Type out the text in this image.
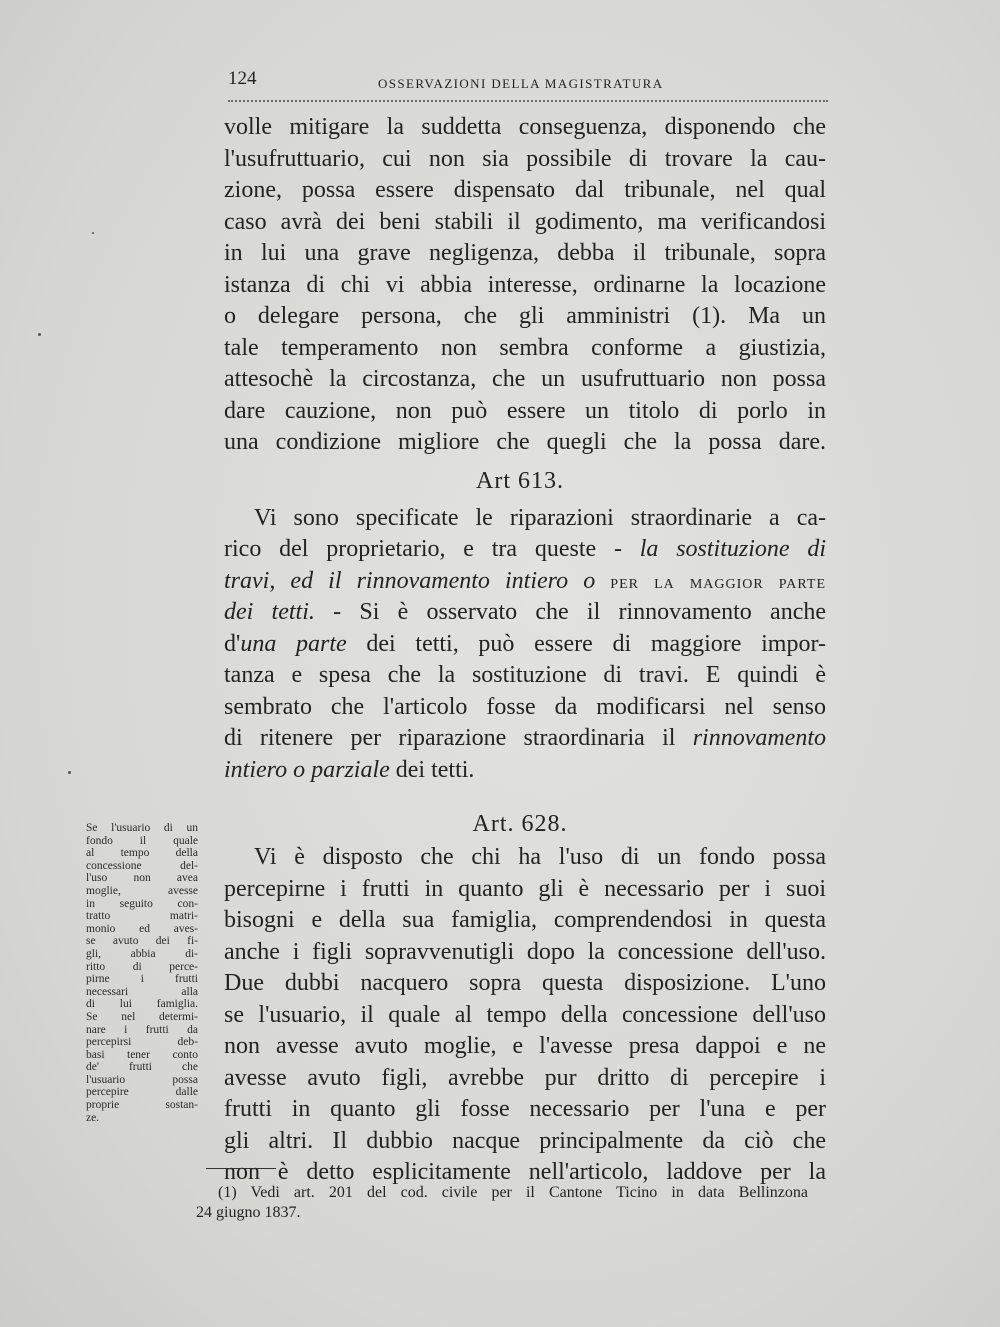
124	OSSERVAZIONI DELLA MAGISTRATURA
volle mitigare la suddetta conseguenza, disponendo che
l'usufruttuario, cui non sia possibile di trovare la cau-
zione, possa essere dispensato dal tribunale, nel qual
caso avrà dei beni stabili il godimento, ma verificandosi
in lui una grave negligenza, debba il tribunale, sopra
istanza di chi vi abbia interesse, ordinarne la locazione
o delegare persona, che gli amministri (1). Ma un
tale temperamento non sembra conforme a giustizia,
attesochè la circostanza, che un usufruttuario non possa
dare cauzione, non può essere un titolo di porlo in
una condizione migliore che quegli che la possa dare.
Art 613.
Vi sono specificate le riparazioni straordinarie a ca-
rico del proprietario, e tra queste - la sostituzione di
travi, ed il rinnovamento intiero o per la maggior parte
dei tetti. - Si è osservato che il rinnovamento anche
d'una parte dei tetti, può essere di maggiore impor-
tanza e spesa che la sostituzione di travi. E quindi è
sembrato che l'articolo fosse da modificarsi nel senso
di ritenere per riparazione straordinaria il rinnovamento
intiero o parziale dei tetti.
Art. 628.
Vi è disposto che chi ha l'uso di un fondo possa
percepirne i frutti in quanto gli è necessario per i suoi
bisogni e della sua famiglia, comprendendosi in questa
anche i figli sopravvenutigli dopo la concessione dell'uso.
Due dubbi nacquero sopra questa disposizione. L'uno
se l'usuario, il quale al tempo della concessione dell'uso
non avesse avuto moglie, e l'avesse presa dappoi e ne
avesse avuto figli, avrebbe pur dritto di percepire i
frutti in quanto gli fosse necessario per l'una e per
gli altri. Il dubbio nacque principalmente da ciò che
non è detto esplicitamente nell'articolo, laddove per la
Se l'usuario di un
fondo il quale
al tempo della
concessione del-
l'uso non avea
moglie, avesse
in seguito con-
tratto matri-
monio ed aves-
se avuto dei fi-
gli, abbia di-
ritto di perce-
pirne i frutti
necessari alla
di lui famiglia.
Se nel determi-
nare i frutti da
percepirsi deb-
basi tener conto
de' frutti che
l'usuario possa
percepire dalle
proprie sostan-
ze.
(1) Vedi art. 201 del cod. civile per il Cantone Ticino in data Bellinzona
24 giugno 1837.
